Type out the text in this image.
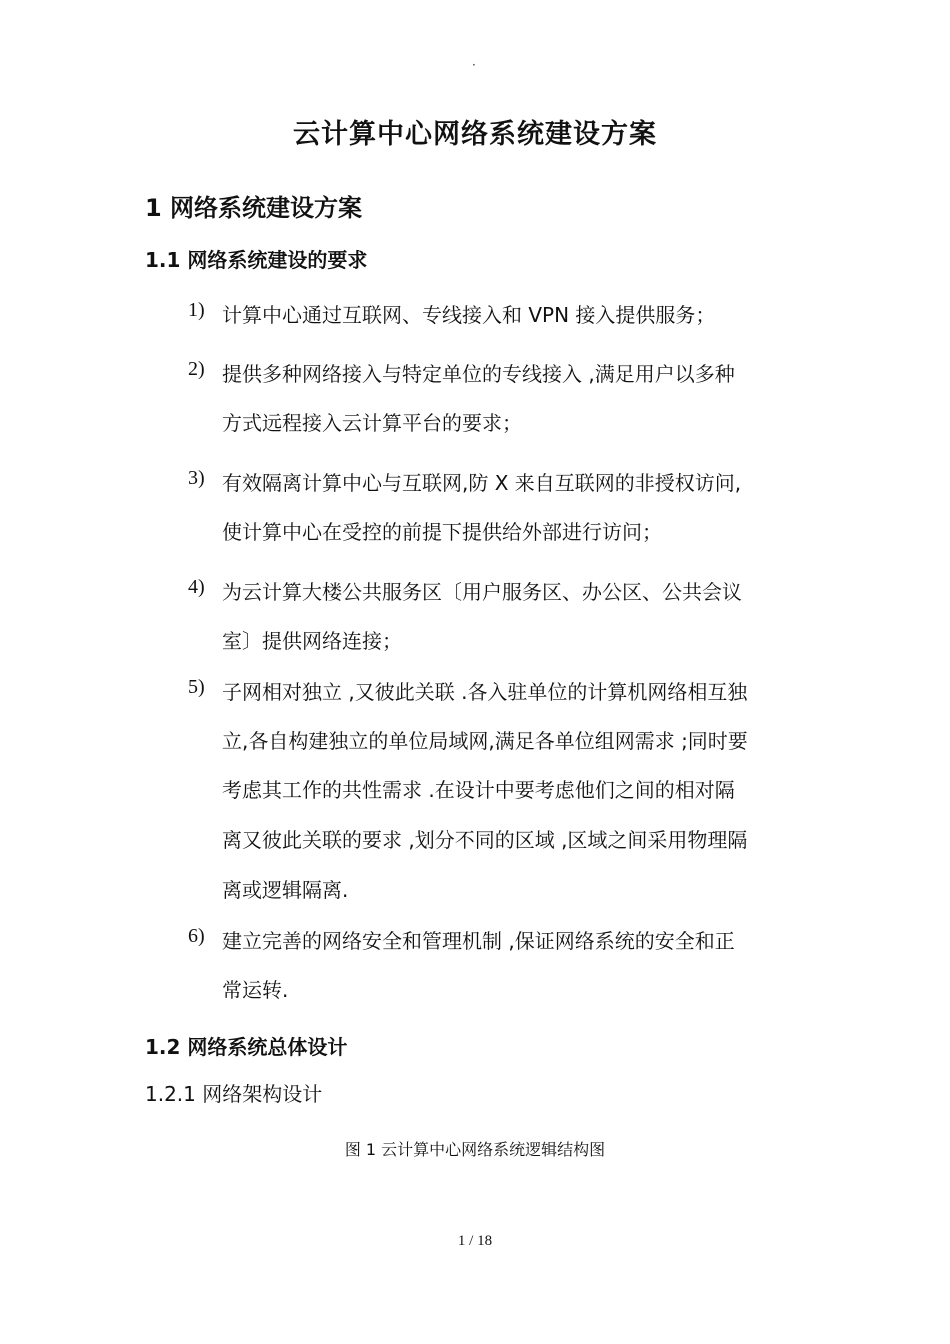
·
云计算中心网络系统建设方案
1 网络系统建设方案
1.1 网络系统建设的要求
1) 计算中心通过互联网、专线接入和 VPN 接入提供服务；
2) 提供多种网络接入与特定单位的专线接入 ,满足用户以多种
方式远程接入云计算平台的要求；
3) 有效隔离计算中心与互联网,防 X 来自互联网的非授权访问,
使计算中心在受控的前提下提供给外部进行访问；
4) 为云计算大楼公共服务区〔用户服务区、办公区、公共会议
室〕提供网络连接；
5) 子网相对独立 ,又彼此关联 .各入驻单位的计算机网络相互独
立,各自构建独立的单位局域网,满足各单位组网需求 ;同时要
考虑其工作的共性需求 .在设计中要考虑他们之间的相对隔
离又彼此关联的要求 ,划分不同的区域 ,区域之间采用物理隔
离或逻辑隔离.
6) 建立完善的网络安全和管理机制 ,保证网络系统的安全和正
常运转.
1.2 网络系统总体设计
1.2.1 网络架构设计
图 1 云计算中心网络系统逻辑结构图
1 / 18
